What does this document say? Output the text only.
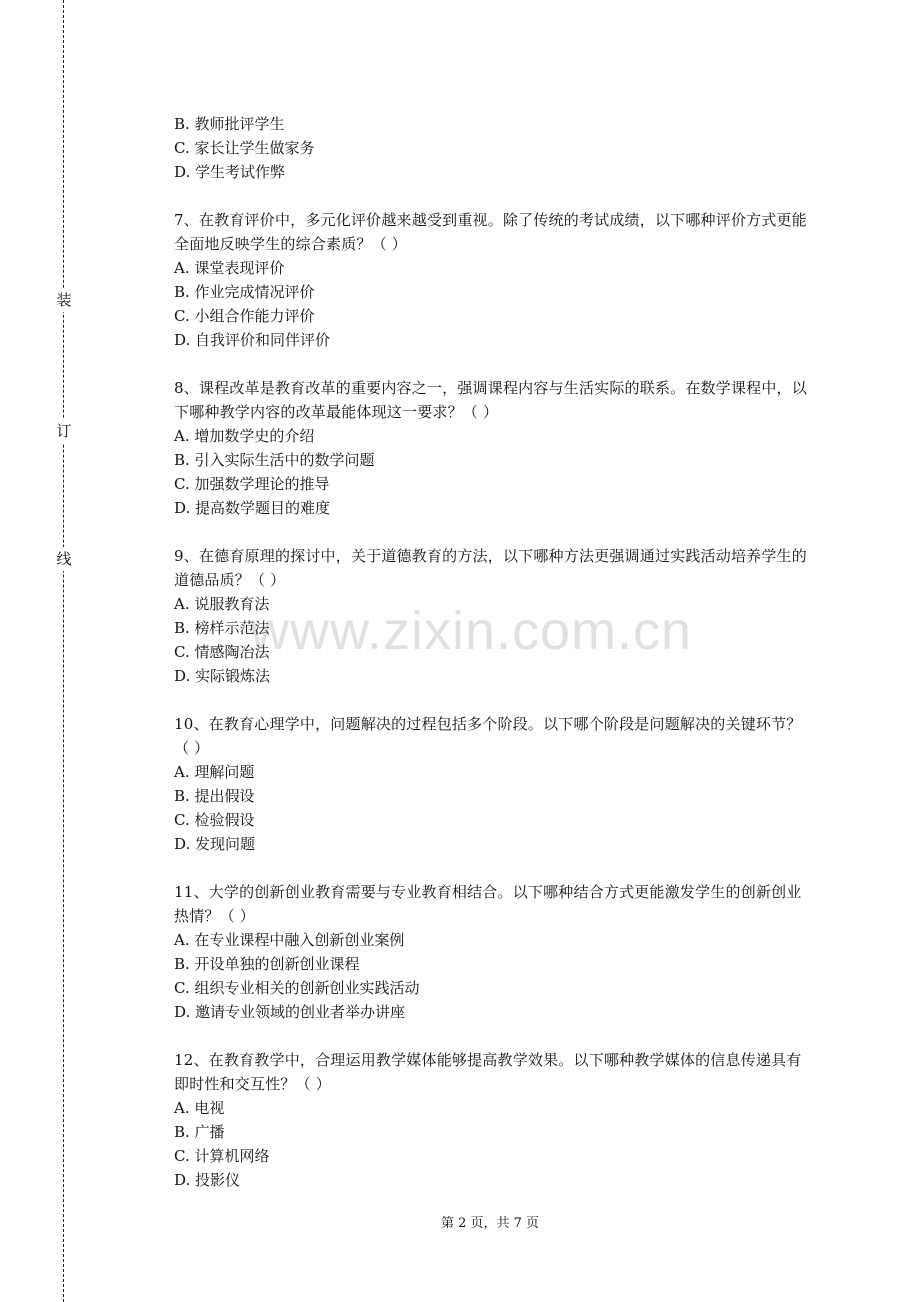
装
订
线
www.zixin.com.cn

B. 教师批评学生

C. 家长让学生做家务

D. 学生考试作弊

7、在教育评价中，多元化评价越来越受到重视。除了传统的考试成绩，以下哪种评价方式更能全面地反映学生的综合素质？（ ）

A. 课堂表现评价

B. 作业完成情况评价

C. 小组合作能力评价

D. 自我评价和同伴评价

8、课程改革是教育改革的重要内容之一，强调课程内容与生活实际的联系。在数学课程中，以下哪种教学内容的改革最能体现这一要求？（ ）

A. 增加数学史的介绍

B. 引入实际生活中的数学问题

C. 加强数学理论的推导

D. 提高数学题目的难度

9、在德育原理的探讨中，关于道德教育的方法，以下哪种方法更强调通过实践活动培养学生的道德品质？（ ）

A. 说服教育法

B. 榜样示范法

C. 情感陶冶法

D. 实际锻炼法

10、在教育心理学中，问题解决的过程包括多个阶段。以下哪个阶段是问题解决的关键环节？（ ）

A. 理解问题

B. 提出假设

C. 检验假设

D. 发现问题

11、大学的创新创业教育需要与专业教育相结合。以下哪种结合方式更能激发学生的创新创业热情？（ ）

A. 在专业课程中融入创新创业案例

B. 开设单独的创新创业课程

C. 组织专业相关的创新创业实践活动

D. 邀请专业领域的创业者举办讲座

12、在教育教学中，合理运用教学媒体能够提高教学效果。以下哪种教学媒体的信息传递具有即时性和交互性？（ ）

A. 电视

B. 广播

C. 计算机网络

D. 投影仪

第 2 页，共 7 页
